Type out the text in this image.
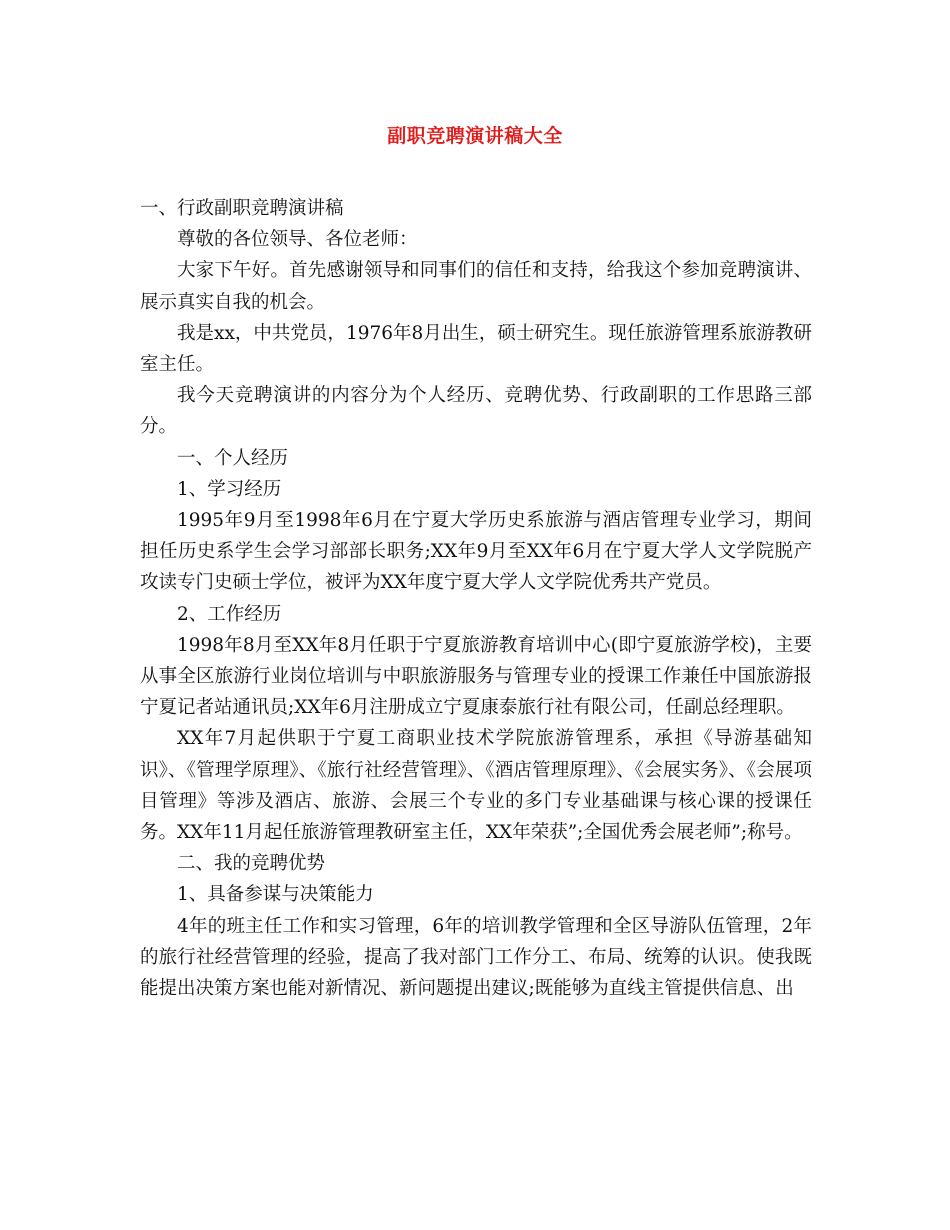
副职竞聘演讲稿大全

一、行政副职竞聘演讲稿

尊敬的各位领导、各位老师：

大家下午好。首先感谢领导和同事们的信任和支持，给我这个参加竞聘演讲、展示真实自我的机会。

我是xx，中共党员，1976年8月出生，硕士研究生。现任旅游管理系旅游教研室主任。

我今天竞聘演讲的内容分为个人经历、竞聘优势、行政副职的工作思路三部分。

一、个人经历

1、学习经历

1995年9月至1998年6月在宁夏大学历史系旅游与酒店管理专业学习，期间担任历史系学生会学习部部长职务;XX年9月至XX年6月在宁夏大学人文学院脱产攻读专门史硕士学位，被评为XX年度宁夏大学人文学院优秀共产党员。

2、工作经历

1998年8月至XX年8月任职于宁夏旅游教育培训中心(即宁夏旅游学校)，主要从事全区旅游行业岗位培训与中职旅游服务与管理专业的授课工作兼任中国旅游报宁夏记者站通讯员;XX年6月注册成立宁夏康泰旅行社有限公司，任副总经理职。

XX年7月起供职于宁夏工商职业技术学院旅游管理系，承担《导游基础知识》、《管理学原理》、《旅行社经营管理》、《酒店管理原理》、《会展实务》、《会展项目管理》等涉及酒店、旅游、会展三个专业的多门专业基础课与核心课的授课任务。XX年11月起任旅游管理教研室主任，XX年荣获”;全国优秀会展老师”;称号。

二、我的竞聘优势

1、具备参谋与决策能力

4年的班主任工作和实习管理，6年的培训教学管理和全区导游队伍管理，2年的旅行社经营管理的经验，提高了我对部门工作分工、布局、统筹的认识。使我既能提出决策方案也能对新情况、新问题提出建议;既能够为直线主管提供信息、出
